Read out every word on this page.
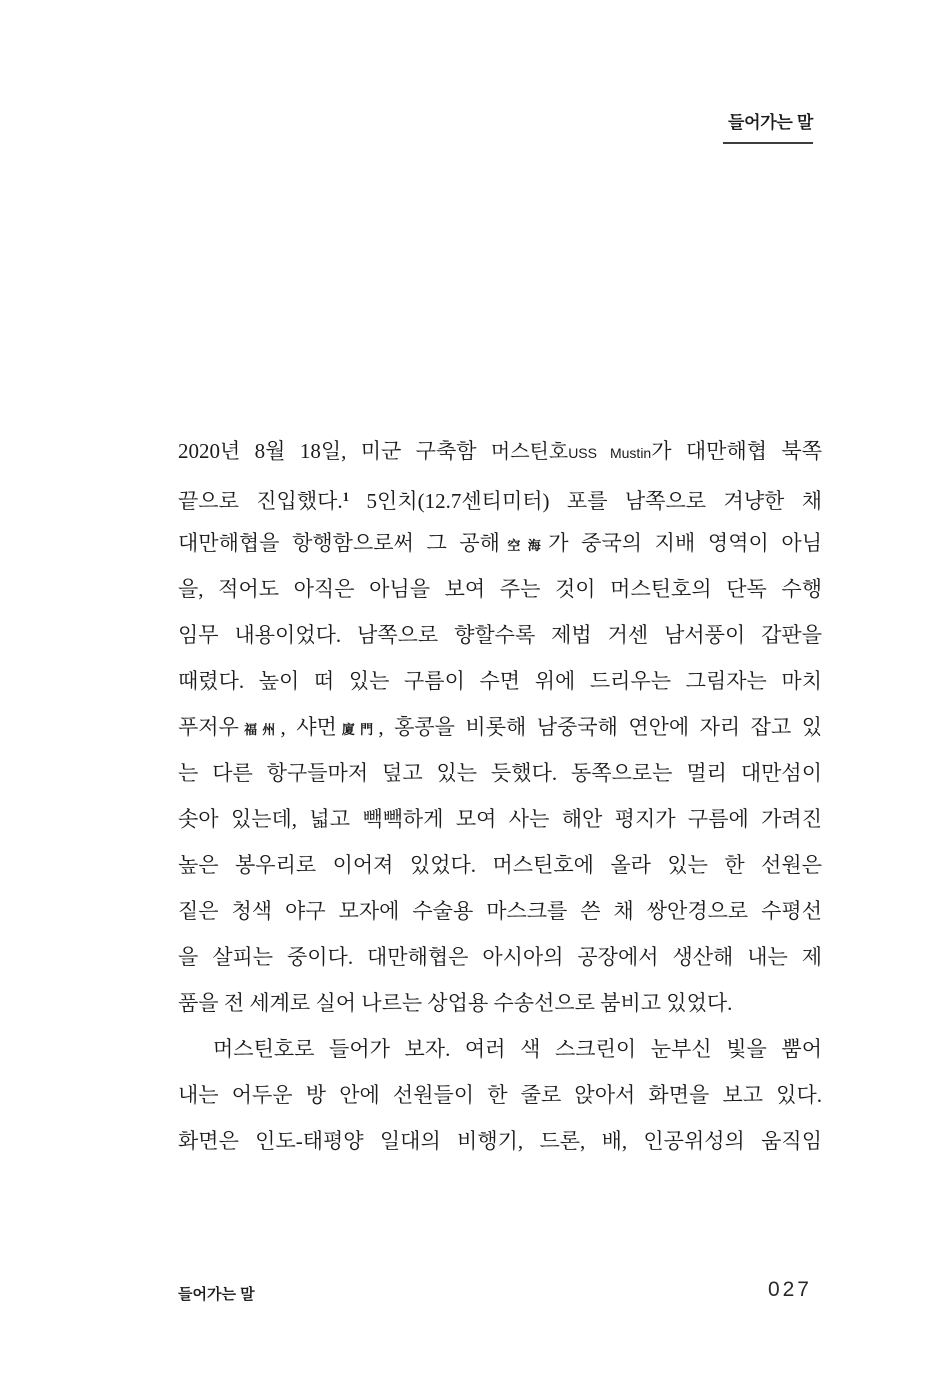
들어가는 말
2020년 8월 18일, 미군 구축함 머스틴호USS Mustin가 대만해협 북쪽
끝으로 진입했다.$^1$ 5인치(12.7센티미터) 포를 남쪽으로 겨냥한 채
대만해협을 항행함으로써 그 공해空海가 중국의 지배 영역이 아님
을, 적어도 아직은 아님을 보여 주는 것이 머스틴호의 단독 수행
임무 내용이었다. 남쪽으로 향할수록 제법 거센 남서풍이 갑판을
때렸다. 높이 떠 있는 구름이 수면 위에 드리우는 그림자는 마치
푸저우福州, 샤먼廈門, 홍콩을 비롯해 남중국해 연안에 자리 잡고 있
는 다른 항구들마저 덮고 있는 듯했다. 동쪽으로는 멀리 대만섬이
솟아 있는데, 넓고 빽빽하게 모여 사는 해안 평지가 구름에 가려진
높은 봉우리로 이어져 있었다. 머스틴호에 올라 있는 한 선원은
짙은 청색 야구 모자에 수술용 마스크를 쓴 채 쌍안경으로 수평선
을 살피는 중이다. 대만해협은 아시아의 공장에서 생산해 내는 제
품을 전 세계로 실어 나르는 상업용 수송선으로 붐비고 있었다.
머스틴호로 들어가 보자. 여러 색 스크린이 눈부신 빛을 뿜어
내는 어두운 방 안에 선원들이 한 줄로 앉아서 화면을 보고 있다.
화면은 인도-태평양 일대의 비행기, 드론, 배, 인공위성의 움직임
들어가는 말	027
